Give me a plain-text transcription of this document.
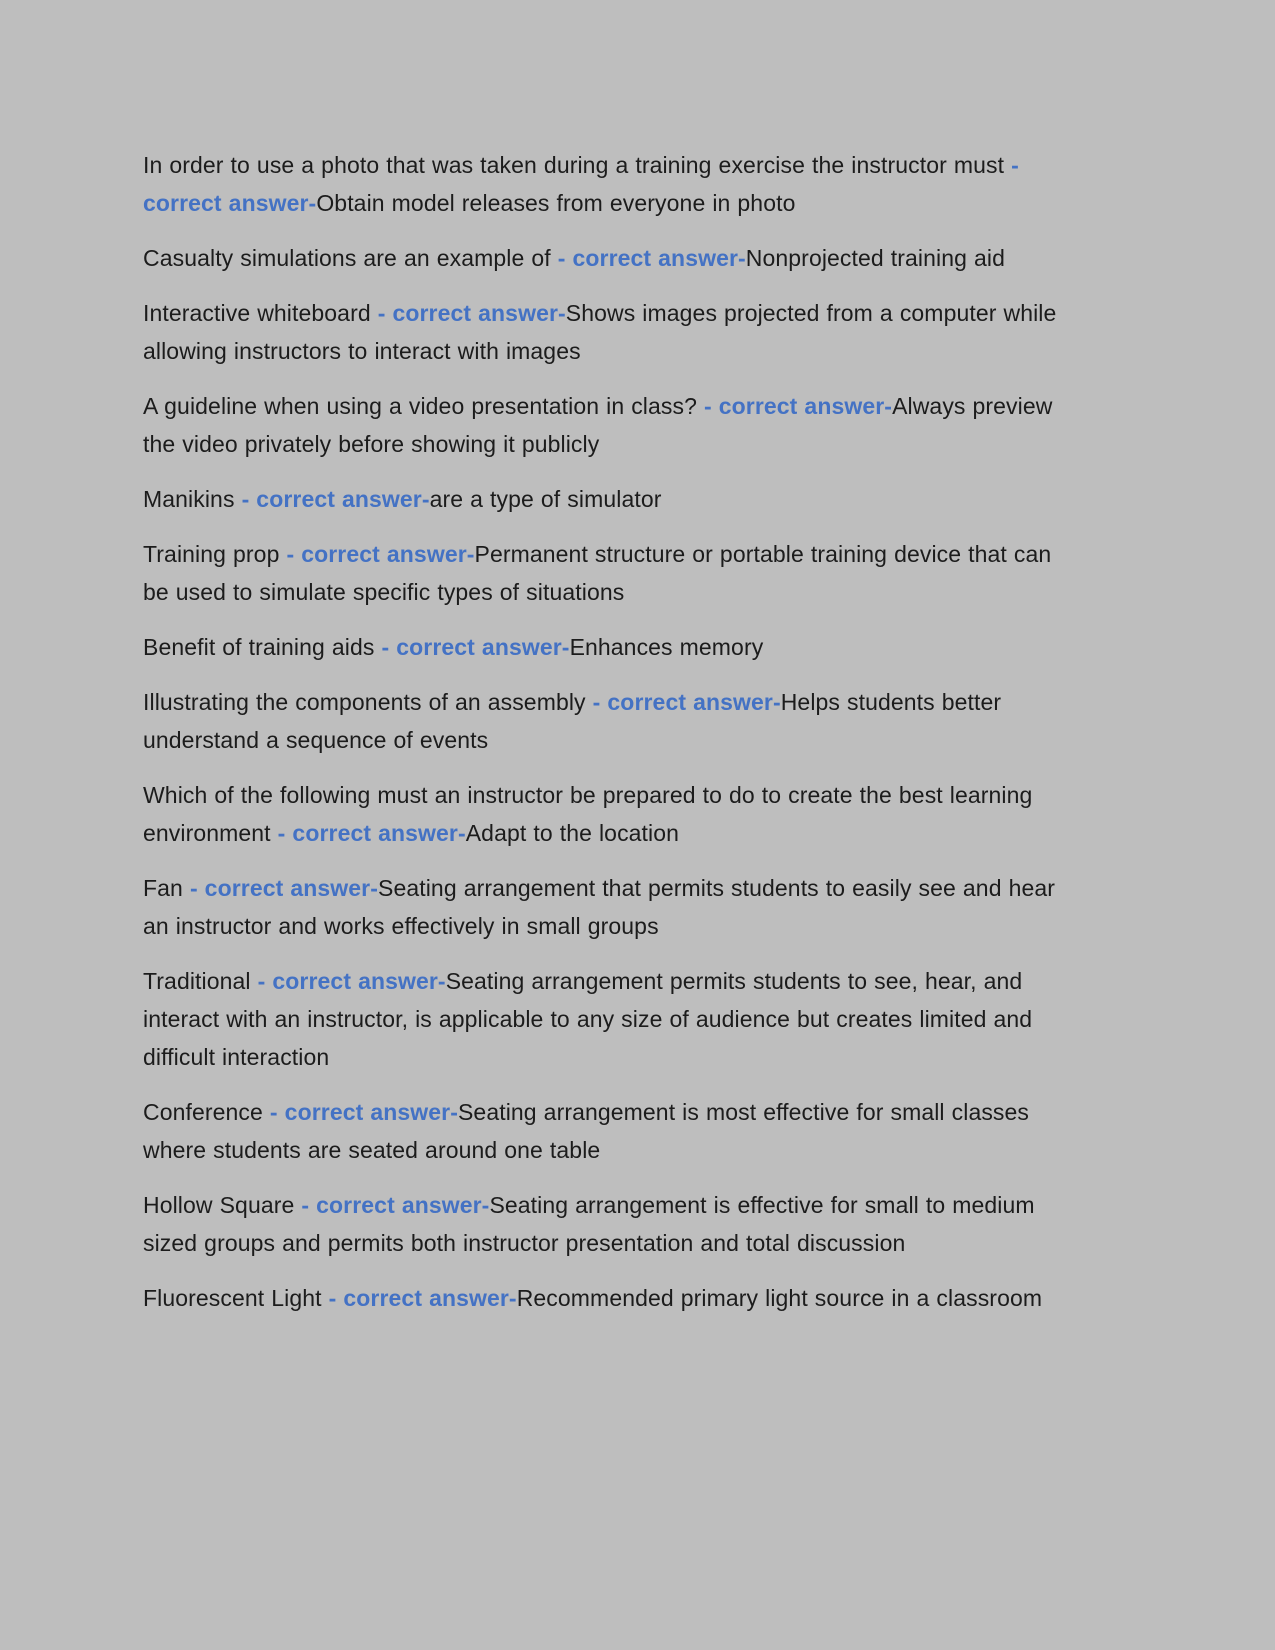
In order to use a photo that was taken during a training exercise the instructor must - correct answer-Obtain model releases from everyone in photo

Casualty simulations are an example of - correct answer-Nonprojected training aid

Interactive whiteboard - correct answer-Shows images projected from a computer while allowing instructors to interact with images

A guideline when using a video presentation in class? - correct answer-Always preview the video privately before showing it publicly

Manikins - correct answer-are a type of simulator

Training prop - correct answer-Permanent structure or portable training device that can be used to simulate specific types of situations

Benefit of training aids - correct answer-Enhances memory

Illustrating the components of an assembly - correct answer-Helps students better understand a sequence of events

Which of the following must an instructor be prepared to do to create the best learning environment - correct answer-Adapt to the location

Fan - correct answer-Seating arrangement that permits students to easily see and hear an instructor and works effectively in small groups

Traditional - correct answer-Seating arrangement permits students to see, hear, and interact with an instructor, is applicable to any size of audience but creates limited and difficult interaction

Conference - correct answer-Seating arrangement is most effective for small classes where students are seated around one table

Hollow Square - correct answer-Seating arrangement is effective for small to medium sized groups and permits both instructor presentation and total discussion

Fluorescent Light - correct answer-Recommended primary light source in a classroom
